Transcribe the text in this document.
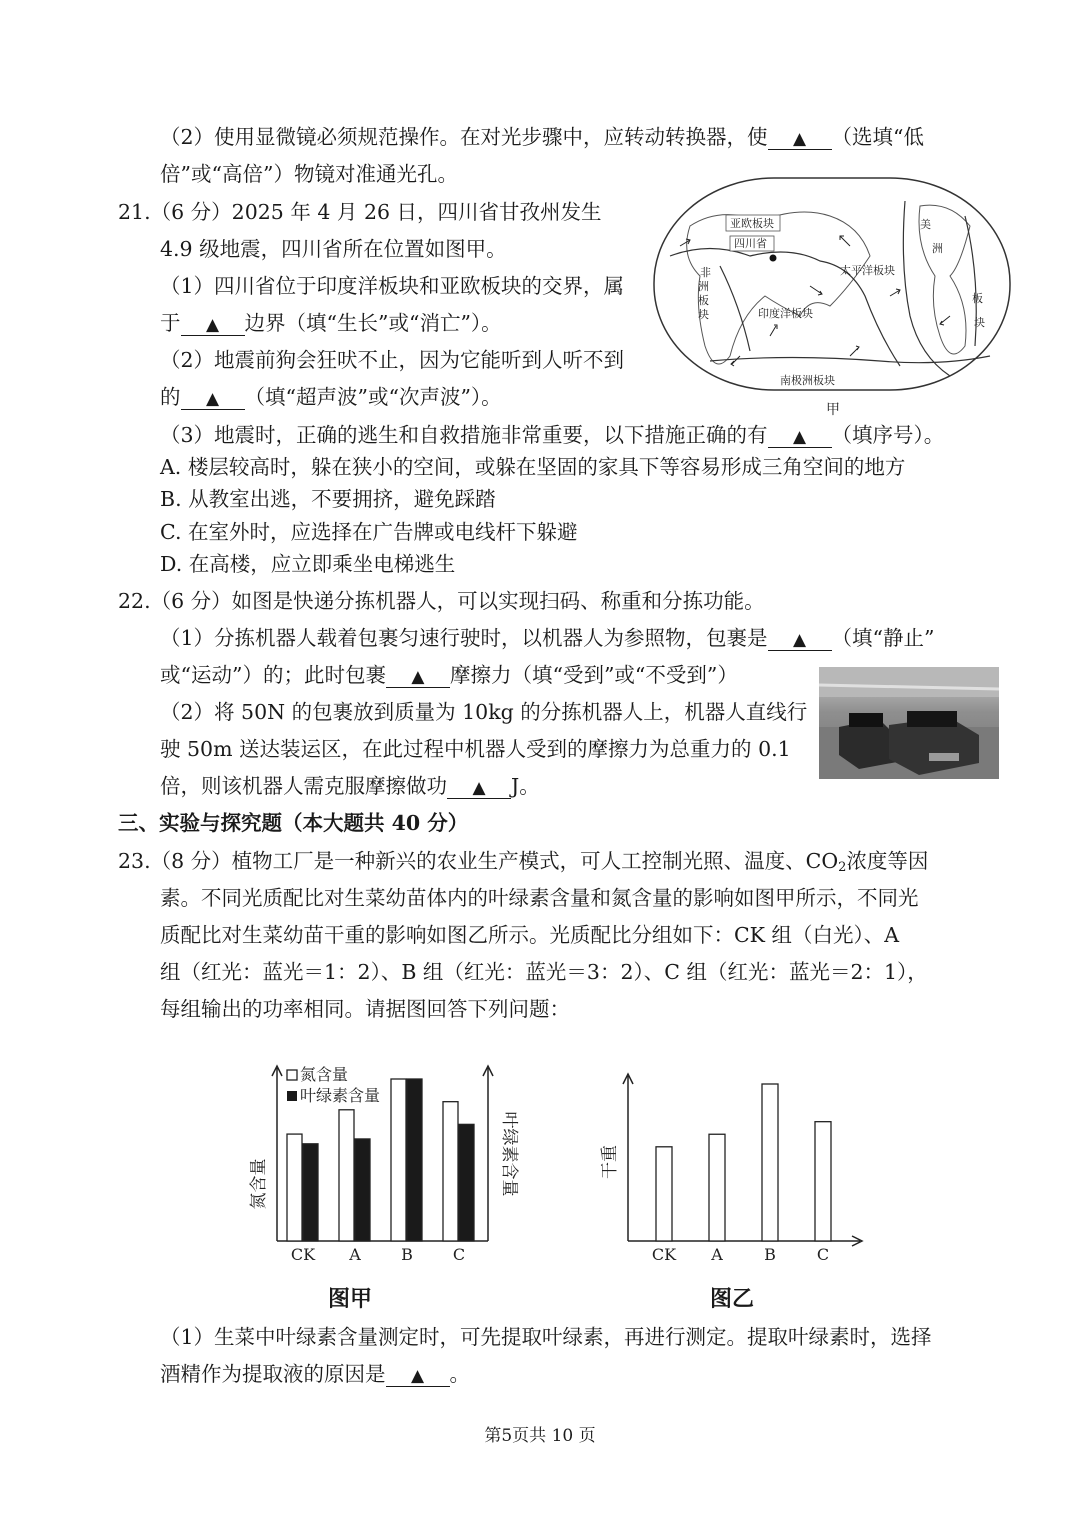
（2）使用显微镜必须规范操作。在对光步骤中，应转动转换器，使 ▲ （选填“低
倍”或“高倍”）物镜对准通光孔。
21.（6 分）2025 年 4 月 26 日，四川省甘孜州发生
4.9 级地震，四川省所在位置如图甲。
（1）四川省位于印度洋板块和亚欧板块的交界，属
于 ▲ 边界（填“生长”或“消亡”）。
（2）地震前狗会狂吠不止，因为它能听到人听不到
的 ▲ （填“超声波”或“次声波”）。
（3）地震时，正确的逃生和自救措施非常重要，以下措施正确的有 ▲ （填序号）。
A. 楼层较高时，躲在狭小的空间，或躲在坚固的家具下等容易形成三角空间的地方
B. 从教室出逃，不要拥挤，避免踩踏
C. 在室外时，应选择在广告牌或电线杆下躲避
D. 在高楼，应立即乘坐电梯逃生
亚欧板块
四川省
太平洋板块
非
洲
板
块	印度洋板块
美
洲
板
块
南极洲板块
甲
22.（6 分）如图是快递分拣机器人，可以实现扫码、称重和分拣功能。
（1）分拣机器人载着包裹匀速行驶时，以机器人为参照物，包裹是 ▲ （填“静止”
或“运动”）的；此时包裹 ▲ 摩擦力（填“受到”或“不受到”）
（2）将 50N 的包裹放到质量为 10kg 的分拣机器人上，机器人直线行
驶 50m 送达装运区，在此过程中机器人受到的摩擦力为总重力的 0.1
倍，则该机器人需克服摩擦做功 ▲ J。
三、实验与探究题（本大题共 40 分）
23.（8 分）植物工厂是一种新兴的农业生产模式，可人工控制光照、温度、$CO_2$浓度等因
素。不同光质配比对生菜幼苗体内的叶绿素含量和氮含量的影响如图甲所示，不同光
质配比对生菜幼苗干重的影响如图乙所示。光质配比分组如下：CK 组（白光）、A
组（红光：蓝光＝1：2）、B 组（红光：蓝光＝3：2）、C 组（红光：蓝光＝2：1），
每组输出的功率相同。请据图回答下列问题：
氮含量
叶绿素含量
CK A	B C
氮含量	叶绿素含量
图甲
CK A	B	C
干重
图乙
（1）生菜中叶绿素含量测定时，可先提取叶绿素，再进行测定。提取叶绿素时，选择
酒精作为提取液的原因是 ▲ 。
第5页共 10 页
